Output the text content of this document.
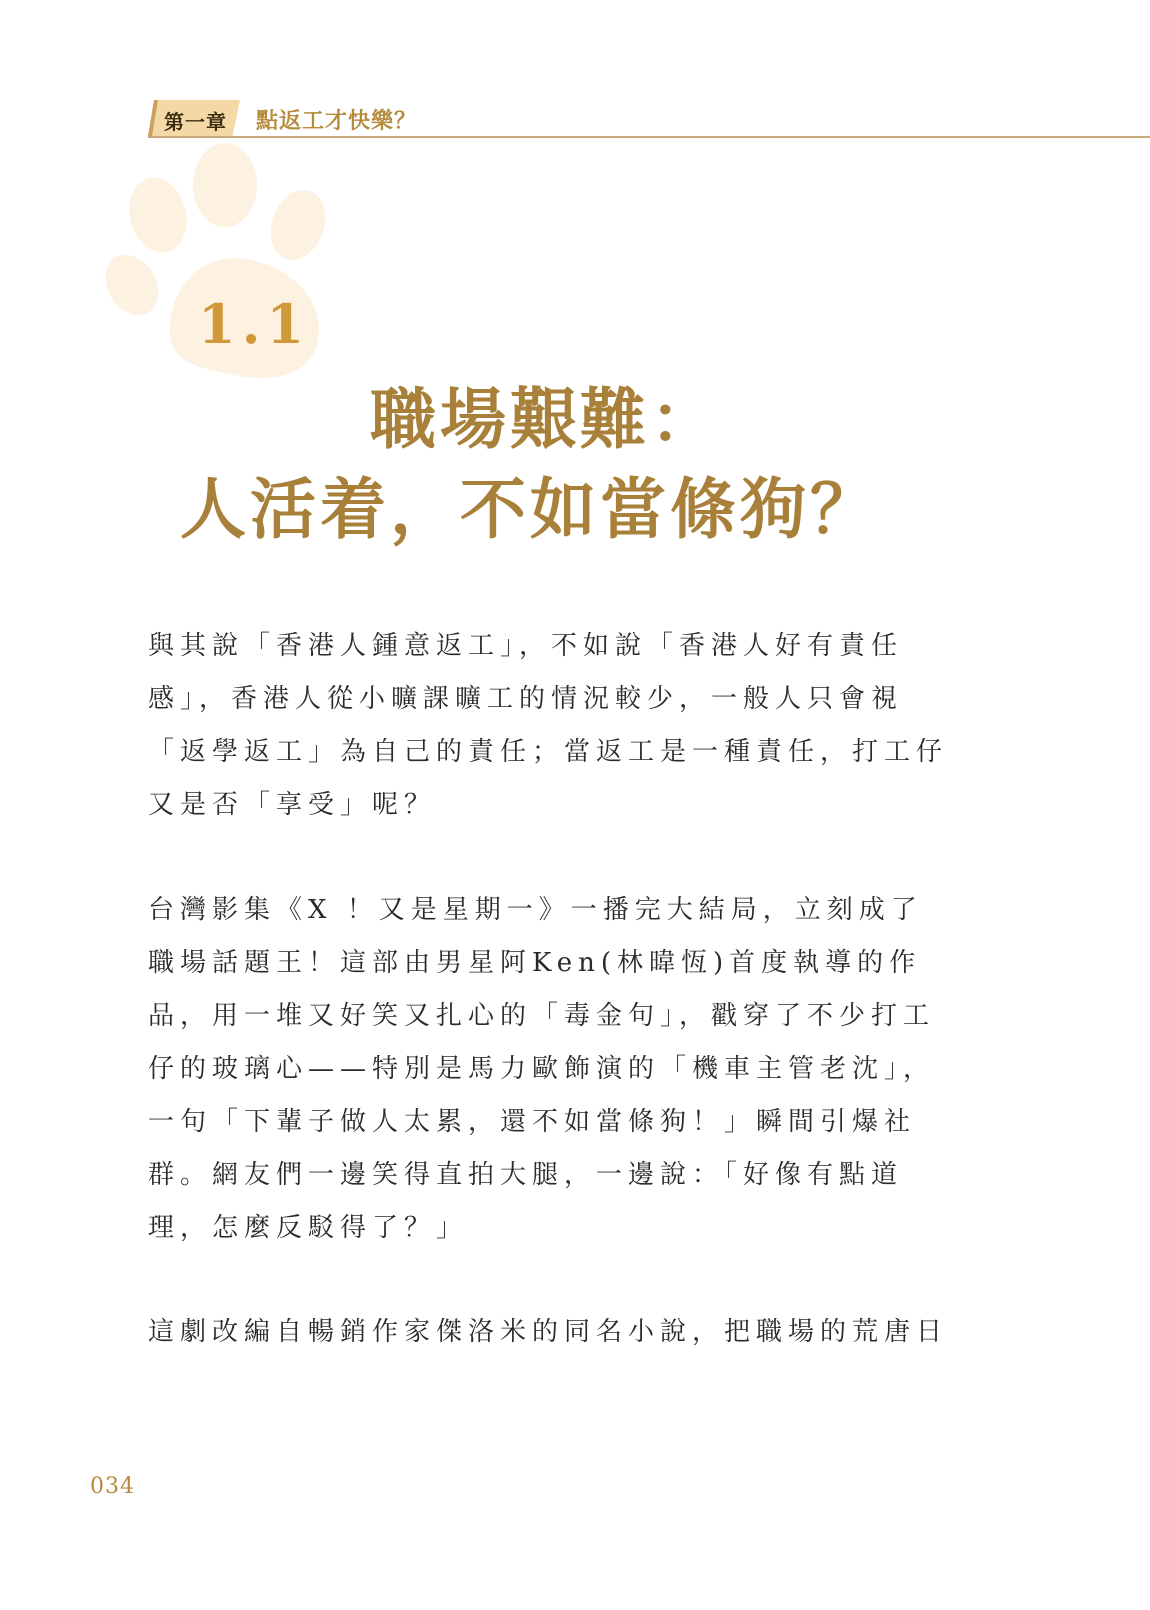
第一章 點返工才快樂？
1.1
職場艱難：
人活着，不如當條狗？

與其說「香港人鍾意返工」，不如說「香港人好有責任感」，香港人從小曠課曠工的情況較少，一般人只會視「返學返工」為自己的責任；當返工是一種責任，打工仔又是否「享受」呢？

台灣影集《X ！又是星期一》一播完大結局，立刻成了職場話題王！這部由男星阿Ken(林暐恆)首度執導的作品，用一堆又好笑又扎心的「毒金句」，戳穿了不少打工仔的玻璃心——特別是馬力歐飾演的「機車主管老沈」，一句「下輩子做人太累，還不如當條狗！」瞬間引爆社群。網友們一邊笑得直拍大腿，一邊說：「好像有點道理，怎麼反駁得了？」

這劇改編自暢銷作家傑洛米的同名小說，把職場的荒唐日

034
